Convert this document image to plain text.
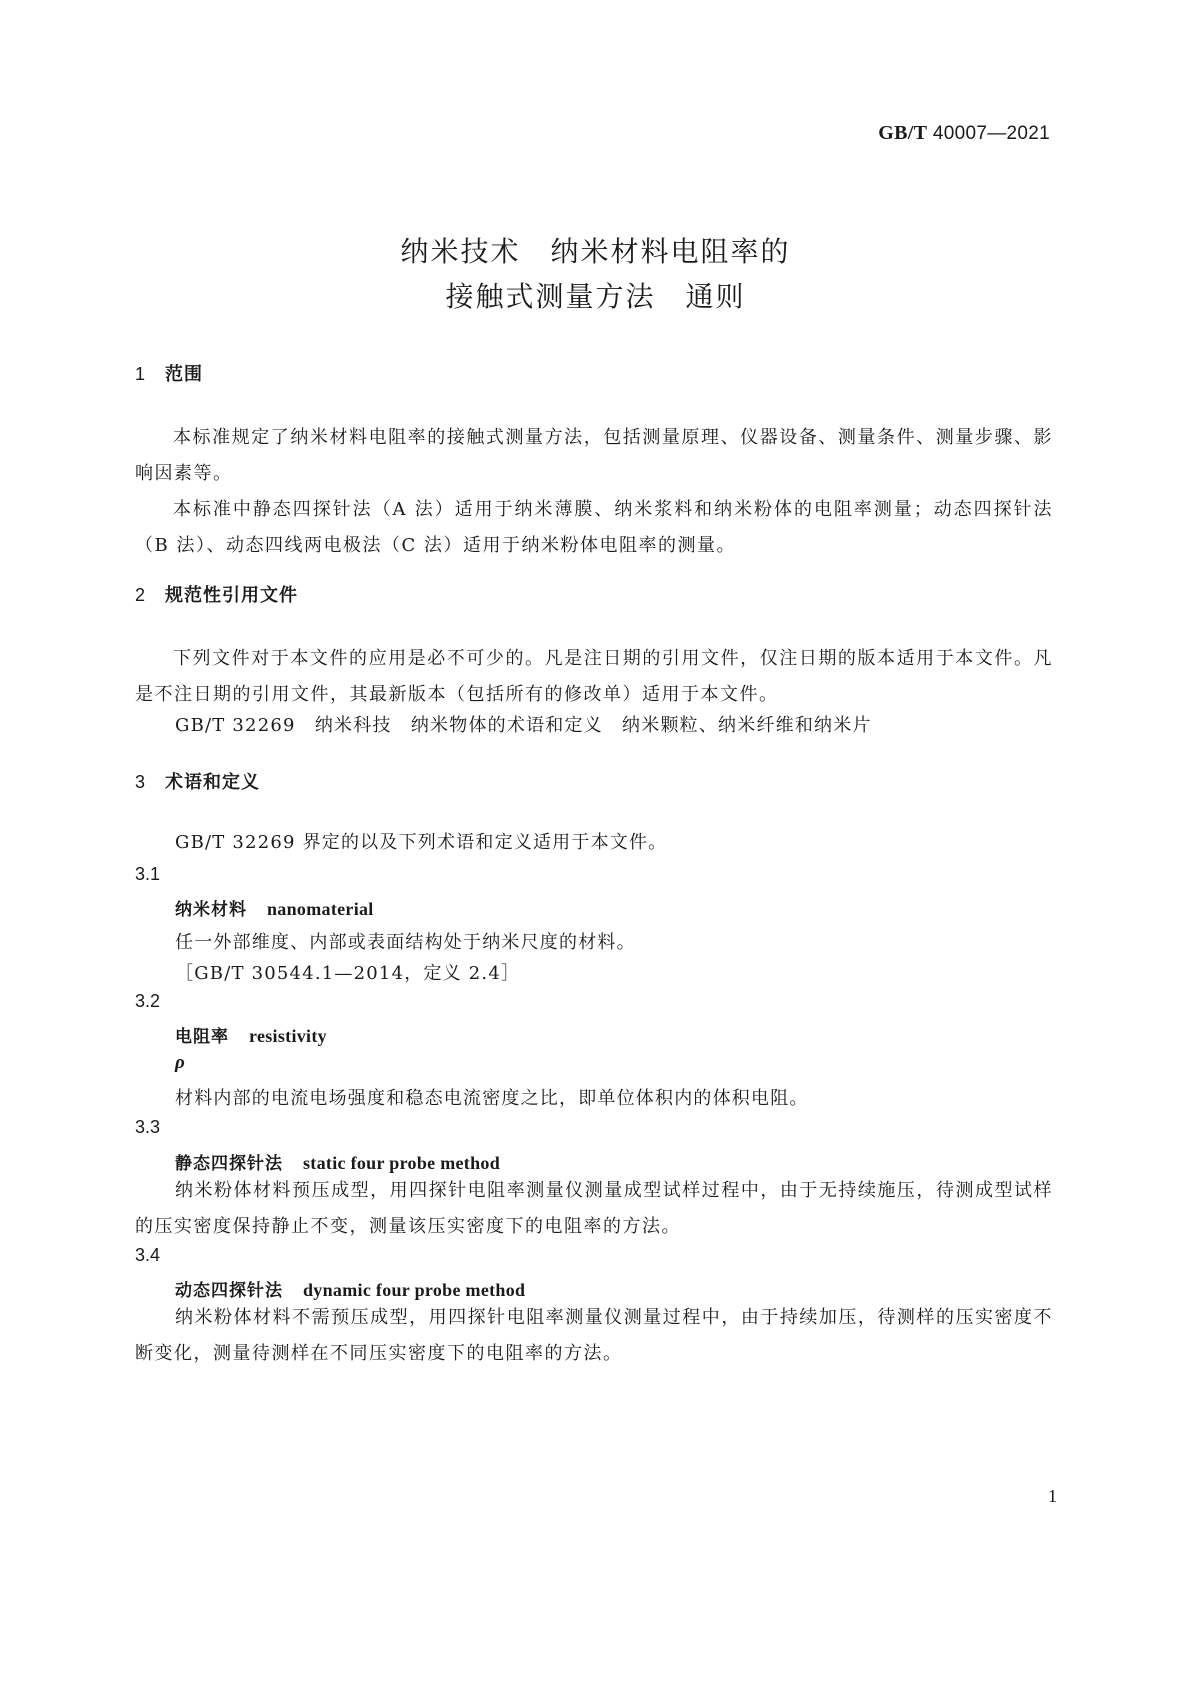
GB/T 40007—2021
纳米技术　纳米材料电阻率的
接触式测量方法　通则
1 范围

本标准规定了纳米材料电阻率的接触式测量方法，包括测量原理、仪器设备、测量条件、测量步骤、影响因素等。

本标准中静态四探针法（A 法）适用于纳米薄膜、纳米浆料和纳米粉体的电阻率测量；动态四探针法（B 法）、动态四线两电极法（C 法）适用于纳米粉体电阻率的测量。

2 规范性引用文件

下列文件对于本文件的应用是必不可少的。凡是注日期的引用文件，仅注日期的版本适用于本文件。凡是不注日期的引用文件，其最新版本（包括所有的修改单）适用于本文件。

GB/T 32269　纳米科技　纳米物体的术语和定义　纳米颗粒、纳米纤维和纳米片
3 术语和定义
GB/T 32269 界定的以及下列术语和定义适用于本文件。
3.1
纳米材料 nanomaterial
任一外部维度、内部或表面结构处于纳米尺度的材料。
［GB/T 30544.1—2014，定义 2.4］
3.2
电阻率 resistivity
ρ
材料内部的电流电场强度和稳态电流密度之比，即单位体积内的体积电阻。
3.3
静态四探针法 static four probe method

纳米粉体材料预压成型，用四探针电阻率测量仪测量成型试样过程中，由于无持续施压，待测成型试样的压实密度保持静止不变，测量该压实密度下的电阻率的方法。

3.4
动态四探针法 dynamic four probe method

纳米粉体材料不需预压成型，用四探针电阻率测量仪测量过程中，由于持续加压，待测样的压实密度不断变化，测量待测样在不同压实密度下的电阻率的方法。

1
